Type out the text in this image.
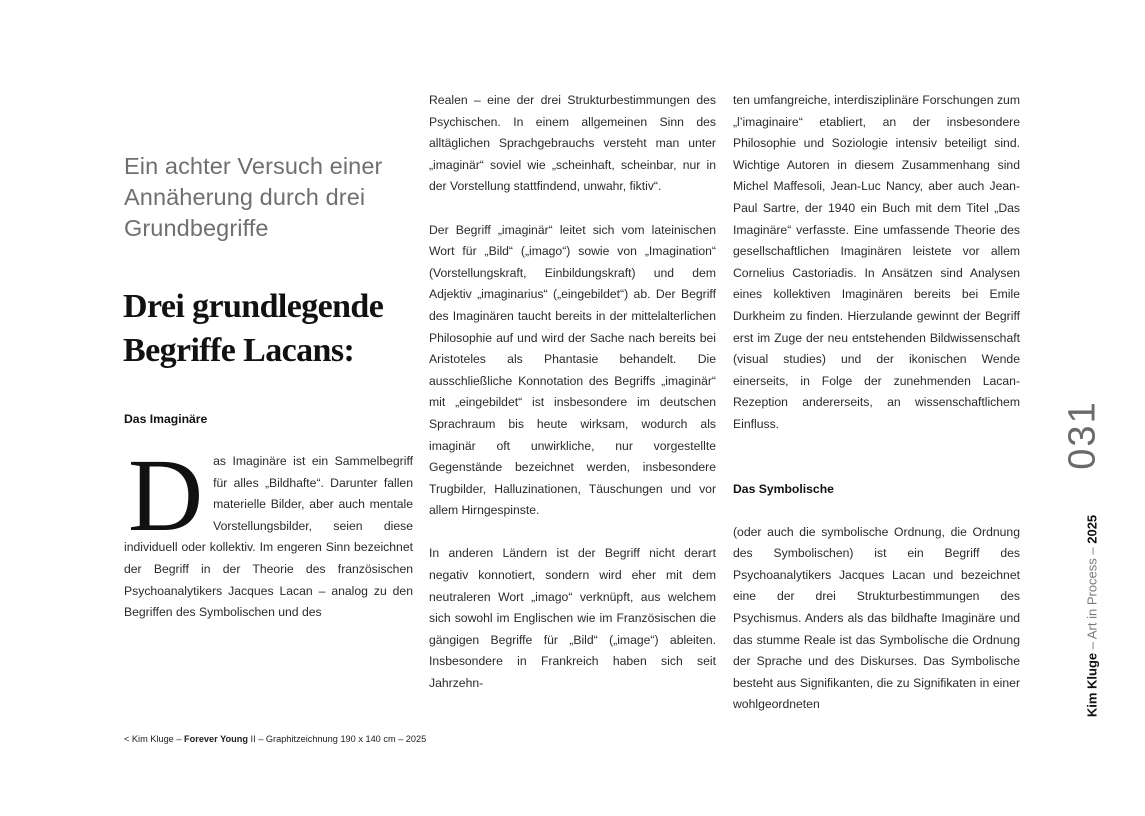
Ein achter Versuch einer
Annäherung durch drei
Grundbegriffe
Drei grundlegende
Begriffe Lacans:
Das Imaginäre

D as Imaginäre ist ein Sammelbegriff für alles „Bildhafte“. Darunter fallen materielle Bilder, aber auch mentale Vorstellungsbilder, seien diese individuell oder kollektiv. Im engeren Sinn bezeichnet der Begriff in der Theorie des französischen Psychoanalytikers Jacques Lacan – analog zu den Begriffen des Symbolischen und des

Realen – eine der drei Strukturbestimmungen des Psychischen. In einem allgemeinen Sinn des alltäglichen Sprachgebrauchs versteht man unter „imaginär“ soviel wie „scheinhaft, scheinbar, nur in der Vorstellung stattfindend, unwahr, fiktiv“.

Der Begriff „imaginär“ leitet sich vom lateinischen Wort für „Bild“ („imago“) sowie von „Imagination“ (Vorstellungskraft, Einbildungskraft) und dem Adjektiv „imaginarius“ („eingebildet“) ab. Der Begriff des Imaginären taucht bereits in der mittelalterlichen Philosophie auf und wird der Sache nach bereits bei Aristoteles als Phantasie behandelt. Die ausschließliche Konnotation des Begriffs „imaginär“ mit „eingebildet“ ist insbesondere im deutschen Sprachraum bis heute wirksam, wodurch als imaginär oft unwirkliche, nur vorgestellte Gegenstände bezeichnet werden, insbesondere Trugbilder, Halluzinationen, Täuschungen und vor allem Hirngespinste.

In anderen Ländern ist der Begriff nicht derart negativ konnotiert, sondern wird eher mit dem neutraleren Wort „imago“ verknüpft, aus welchem sich sowohl im Englischen wie im Französischen die gängigen Begriffe für „Bild“ („image“) ableiten. Insbesondere in Frankreich haben sich seit Jahrzehn-

ten umfangreiche, interdisziplinäre Forschungen zum „l’imaginaire“ etabliert, an der insbesondere Philosophie und Soziologie intensiv beteiligt sind. Wichtige Autoren in diesem Zusammenhang sind Michel Maffesoli, Jean-Luc Nancy, aber auch Jean-Paul Sartre, der 1940 ein Buch mit dem Titel „Das Imaginäre“ verfasste. Eine umfassende Theorie des gesellschaftlichen Imaginären leistete vor allem Cornelius Castoriadis. In Ansätzen sind Analysen eines kollektiven Imaginären bereits bei Emile Durkheim zu finden. Hierzulande gewinnt der Begriff erst im Zuge der neu entstehenden Bildwissenschaft (visual studies) und der ikonischen Wende einerseits, in Folge der zunehmenden Lacan-Rezeption andererseits, an wissenschaftlichem Einfluss.

Das Symbolische

(oder auch die symbolische Ordnung, die Ordnung des Symbolischen) ist ein Begriff des Psychoanalytikers Jacques Lacan und bezeichnet eine der drei Strukturbestimmungen des Psychismus. Anders als das bildhafte Imaginäre und das stumme Reale ist das Symbolische die Ordnung der Sprache und des Diskurses. Das Symbolische besteht aus Signifikanten, die zu Signifikaten in einer wohlgeordneten

< Kim Kluge – Forever Young II – Graphitzeichnung 190 x 140 cm – 2025
031
Kim Kluge – Art in Process – 2025
